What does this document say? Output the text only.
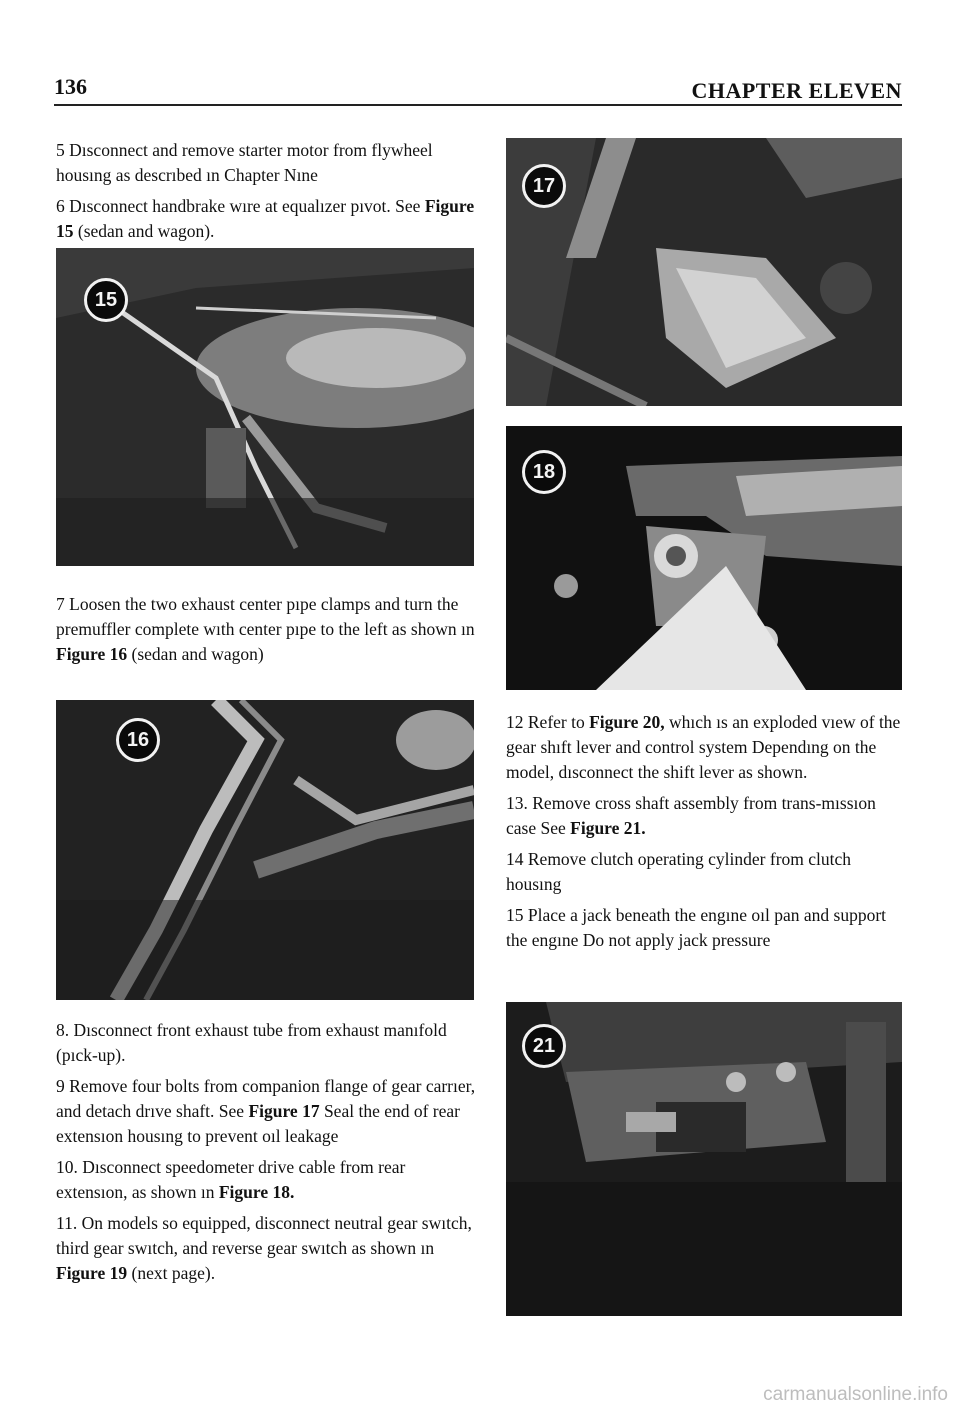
136	CHAPTER ELEVEN

5 Dısconnect and remove starter motor from flywheel housıng as descrıbed ın Chapter Nıne

6 Dısconnect handbrake wıre at equalızer pıvot. See Figure 15 (sedan and wagon).

15

7 Loosen the two exhaust center pıpe clamps and turn the premuffler complete wıth center pıpe to the left as shown ın Figure 16 (sedan and wagon)

16

8. Dısconnect front exhaust tube from exhaust manıfold (pıck-up).

9 Remove four bolts from companion flange of gear carrıer, and detach drıve shaft. See Figure 17 Seal the end of rear extensıon housıng to prevent oıl leakage

10. Dısconnect speedometer drive cable from rear extensıon, as shown ın Figure 18.

11. On models so equipped, disconnect neutral gear swıtch, third gear swıtch, and reverse gear swıtch as shown ın Figure 19 (next page).

17
18

12 Refer to Figure 20, whıch ıs an exploded vıew of the gear shıft lever and control system Dependıng on the model, dısconnect the shift lever as shown.

13. Remove cross shaft assembly from trans-mıssıon case See Figure 21.

14 Remove clutch operating cylinder from clutch housıng

15 Place a jack beneath the engıne oıl pan and support the engıne Do not apply jack pressure

21
carmanualsonline.info
